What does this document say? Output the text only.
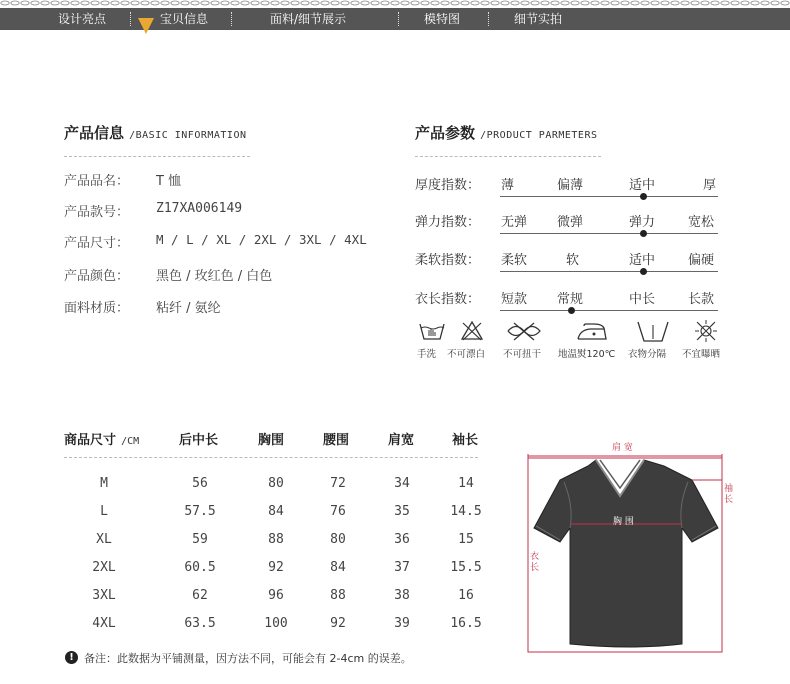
设计亮点	宝贝信息	面料/细节展示	模特图	细节实拍
产品信息 /BASIC INFORMATION
产品品名： T 恤
产品款号： Z17XA006149
产品尺寸： M / L / XL / 2XL / 3XL / 4XL
产品颜色： 黑色 / 玫红色 / 白色
面料材质： 粘纤 / 氨纶
产品参数 /PRODUCT PARMETERS
厚度指数： 薄	偏薄	适中	厚
弹力指数： 无弹 微弹	弹力	宽松
柔软指数： 柔软	软	适中	偏硬
衣长指数： 短款 常规	中长	长款
手洗 不可漂白 不可扭干 地温熨120℃ 衣物分隔 不宜曝晒
商品尺寸 /CM	后中长	胸围	腰围	肩宽	袖长
M	56	80	72	34	14
L	57.5	84	76	35	14.5
XL	59	88	80	36	15
2XL	60.5	92	84	37	15.5
3XL	62	96	88	38	16
4XL	63.5	100	92	39	16.5
! 备注：此数据为平铺测量，因方法不同，可能会有 2-4cm 的误差。
肩 宽
胸 围
袖 长
衣 长
